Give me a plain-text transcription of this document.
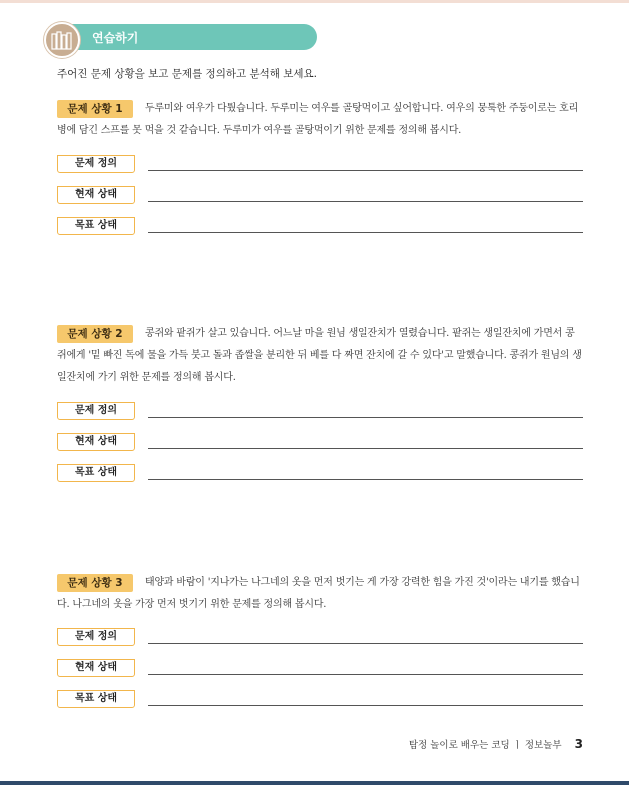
연습하기
주어진 문제 상황을 보고 문제를 정의하고 분석해 보세요.
문제 상황 1	두루미와 여우가 다퉜습니다. 두루미는 여우를 골탕먹이고 싶어합니다. 여우의 뭉툭한 주둥이로는 호리병에 담긴 스프를 못 먹을 것 같습니다. 두루미가 여우를 골탕먹이기 위한 문제를 정의해 봅시다.

문제 정의
현재 상태
목표 상태
문제 상황 2	콩쥐와 팥쥐가 살고 있습니다. 어느날 마을 원님 생일잔치가 열렸습니다. 팥쥐는 생일잔치에 가면서 콩쥐에게 '밑 빠진 독에 물을 가득 붓고 돌과 좁쌀을 분리한 뒤 베를 다 짜면 잔치에 갈 수 있다'고 말했습니다. 콩쥐가 원님의 생일잔치에 가기 위한 문제를 정의해 봅시다.

문제 정의
현재 상태
목표 상태
문제 상황 3	태양과 바람이 '지나가는 나그네의 옷을 먼저 벗기는 게 가장 강력한 힘을 가진 것'이라는 내기를 했습니다. 나그네의 옷을 가장 먼저 벗기기 위한 문제를 정의해 봅시다.

문제 정의
현재 상태
목표 상태
탐정 놀이로 배우는 코딩 ㅣ 정보놀부 3
